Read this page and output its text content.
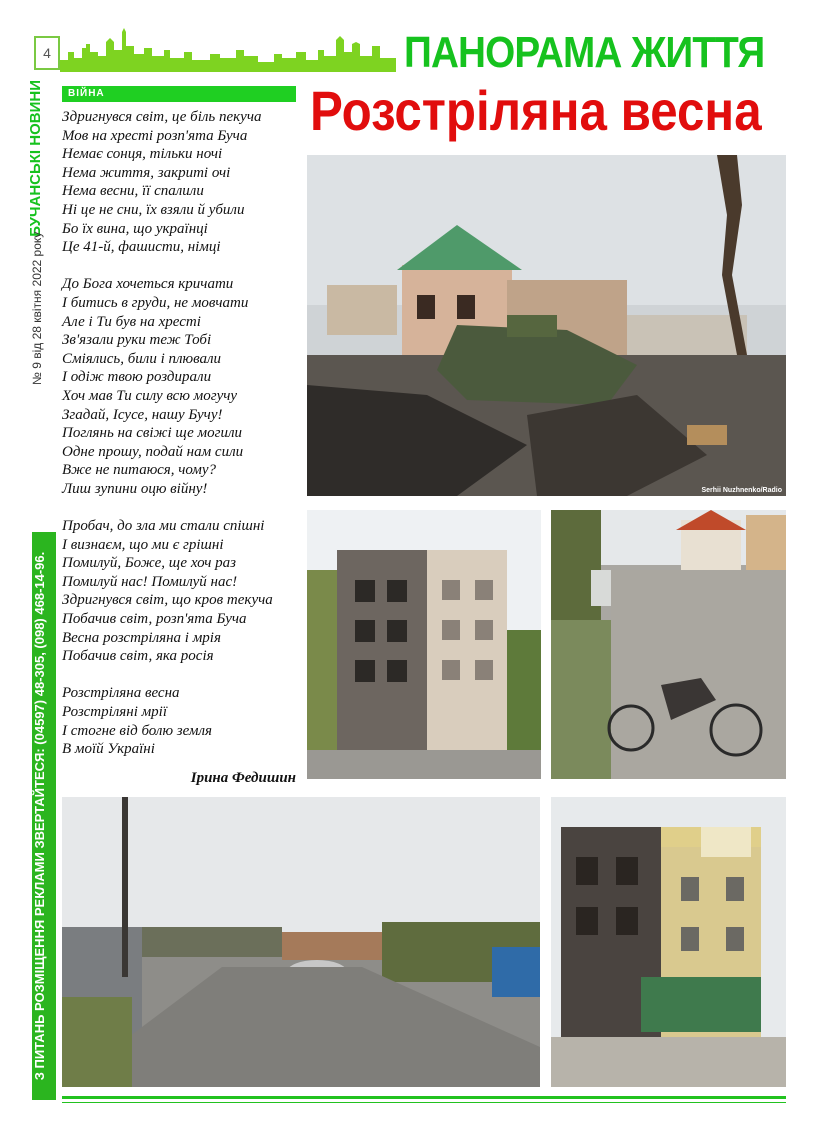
4	ПАНОРАМА ЖИТТЯ
БУЧАНСЬКІ НОВИНИ
№ 9 від 28 квітня 2022 року
З ПИТАНЬ РОЗМІЩЕННЯ РЕКЛАМИ ЗВЕРТАЙТЕСЯ: (04597) 48-305, (098) 468-14-96.
ВІЙНА	Розстріляна весна
Здригнувся світ, це біль пекуча
Мов на хресті розп'ята Буча
Немає сонця, тільки ночі
Нема життя, закриті очі
Нема весни, її спалили
Ні це не сни, їх взяли й убили
Бо їх вина, що українці
Це 41-й, фашисти, німці
До Бога хочеться кричати
І битись в груди, не мовчати
Але і Ти був на хресті
Зв'язали руки теж Тобі
Сміялись, били і плювали
І одіж твою роздирали
Хоч мав Ти силу всю могучу
Згадай, Ісусе, нашу Бучу!
Поглянь на свіжі ще могили
Одне прошу, подай нам сили
Вже не питаюся, чому?
Лиш зупини оцю війну!
Пробач, до зла ми стали спішні
І визнаєм, що ми є грішні
Помилуй, Боже, ще хоч раз
Помилуй нас! Помилуй нас!
Здригнувся світ, що кров текуча
Побачив світ, розп'ята Буча
Весна розстріляна і мрія
Побачив світ, яка росія
Розстріляна весна
Розстріляні мрії
І стогне від болю земля
В моїй Україні
Ірина Федишин
Serhii Nuzhnenko/Radio
